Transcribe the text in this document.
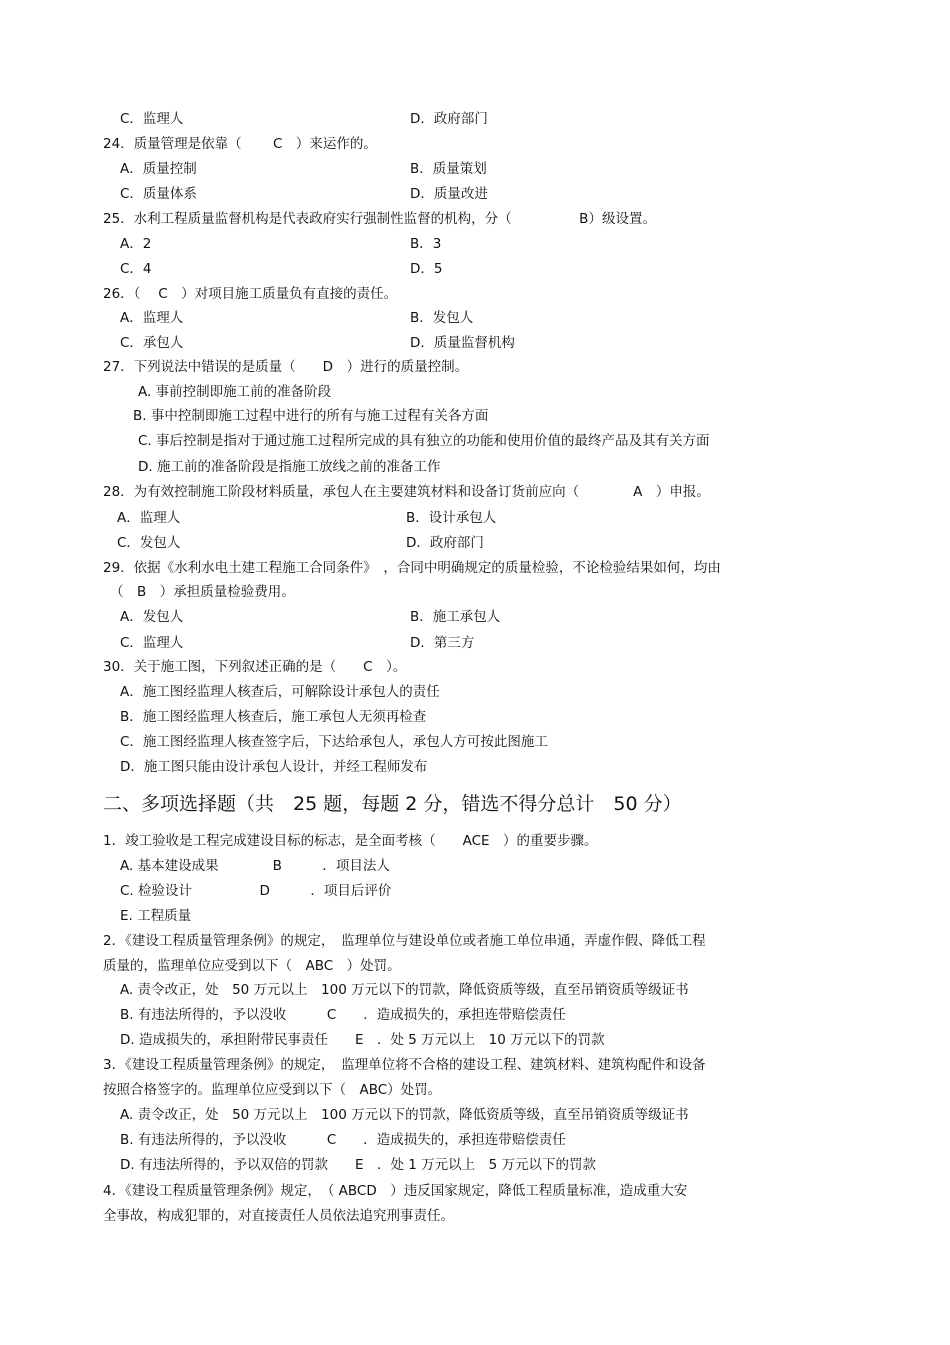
C．监理人	D．政府部门
24．质量管理是依靠（　　 C　）来运作的。
A．质量控制	B．质量策划
C．质量体系	D．质量改进
25．水利工程质量监督机构是代表政府实行强制性监督的机构，分（　　　　　B）级设置。
A．2	B．3
C．4	D．5
26．（　 C　）对项目施工质量负有直接的责任。
A．监理人	B．发包人
C．承包人	D．质量监督机构
27．下列说法中错误的是质量（　　D　）进行的质量控制。
A. 事前控制即施工前的准备阶段
B. 事中控制即施工过程中进行的所有与施工过程有关各方面
C. 事后控制是指对于通过施工过程所完成的具有独立的功能和使用价值的最终产品及其有关方面
D. 施工前的准备阶段是指施工放线之前的准备工作
28．为有效控制施工阶段材料质量，承包人在主要建筑材料和设备订货前应向（　　　　A　）申报。
A．监理人	B．设计承包人
C．发包人	D．政府部门
29．依据《水利水电土建工程施工合同条件》　，合同中明确规定的质量检验，不论检验结果如何，均由
（　B　）承担质量检验费用。
A．发包人	B．施工承包人
C．监理人	D．第三方
30．关于施工图，下列叙述正确的是（　　C　）。
A．施工图经监理人核查后，可解除设计承包人的责任
B．施工图经监理人核查后，施工承包人无须再检查
C．施工图经监理人核查签字后，下达给承包人，承包人方可按此图施工
D．施工图只能由设计承包人设计，并经工程师发布
1．竣工验收是工程完成建设目标的标志，是全面考核（　　ACE　）的重要步骤。
A. 基本建设成果　　　　B　　　．项目法人
C. 检验设计　　　　　D　　　．项目后评价
E. 工程质量
2．《建设工程质量管理条例》的规定，　监理单位与建设单位或者施工单位串通，弄虚作假、降低工程
质量的，监理单位应受到以下（　ABC　）处罚。
A. 责令改正，处　50 万元以上　100 万元以下的罚款，降低资质等级，直至吊销资质等级证书
B. 有违法所得的，予以没收　　　C　　．造成损失的，承担连带赔偿责任
D. 造成损失的，承担附带民事责任　　E　．处 5 万元以上　10 万元以下的罚款
3．《建设工程质量管理条例》的规定，　监理单位将不合格的建设工程、建筑材料、建筑构配件和设备
按照合格签字的。监理单位应受到以下（　ABC）处罚。
A. 责令改正，处　50 万元以上　100 万元以下的罚款，降低资质等级，直至吊销资质等级证书
B. 有违法所得的，予以没收　　　C　　．造成损失的，承担连带赔偿责任
D. 有违法所得的，予以双倍的罚款　　E　．处 1 万元以上　5 万元以下的罚款
4．《建设工程质量管理条例》规定，　（ ABCD　）违反国家规定，降低工程质量标准，造成重大安
全事故，构成犯罪的，对直接责任人员依法追究刑事责任。
二、多项选择题（共　25 题，每题 2 分，错选不得分总计　50 分）
